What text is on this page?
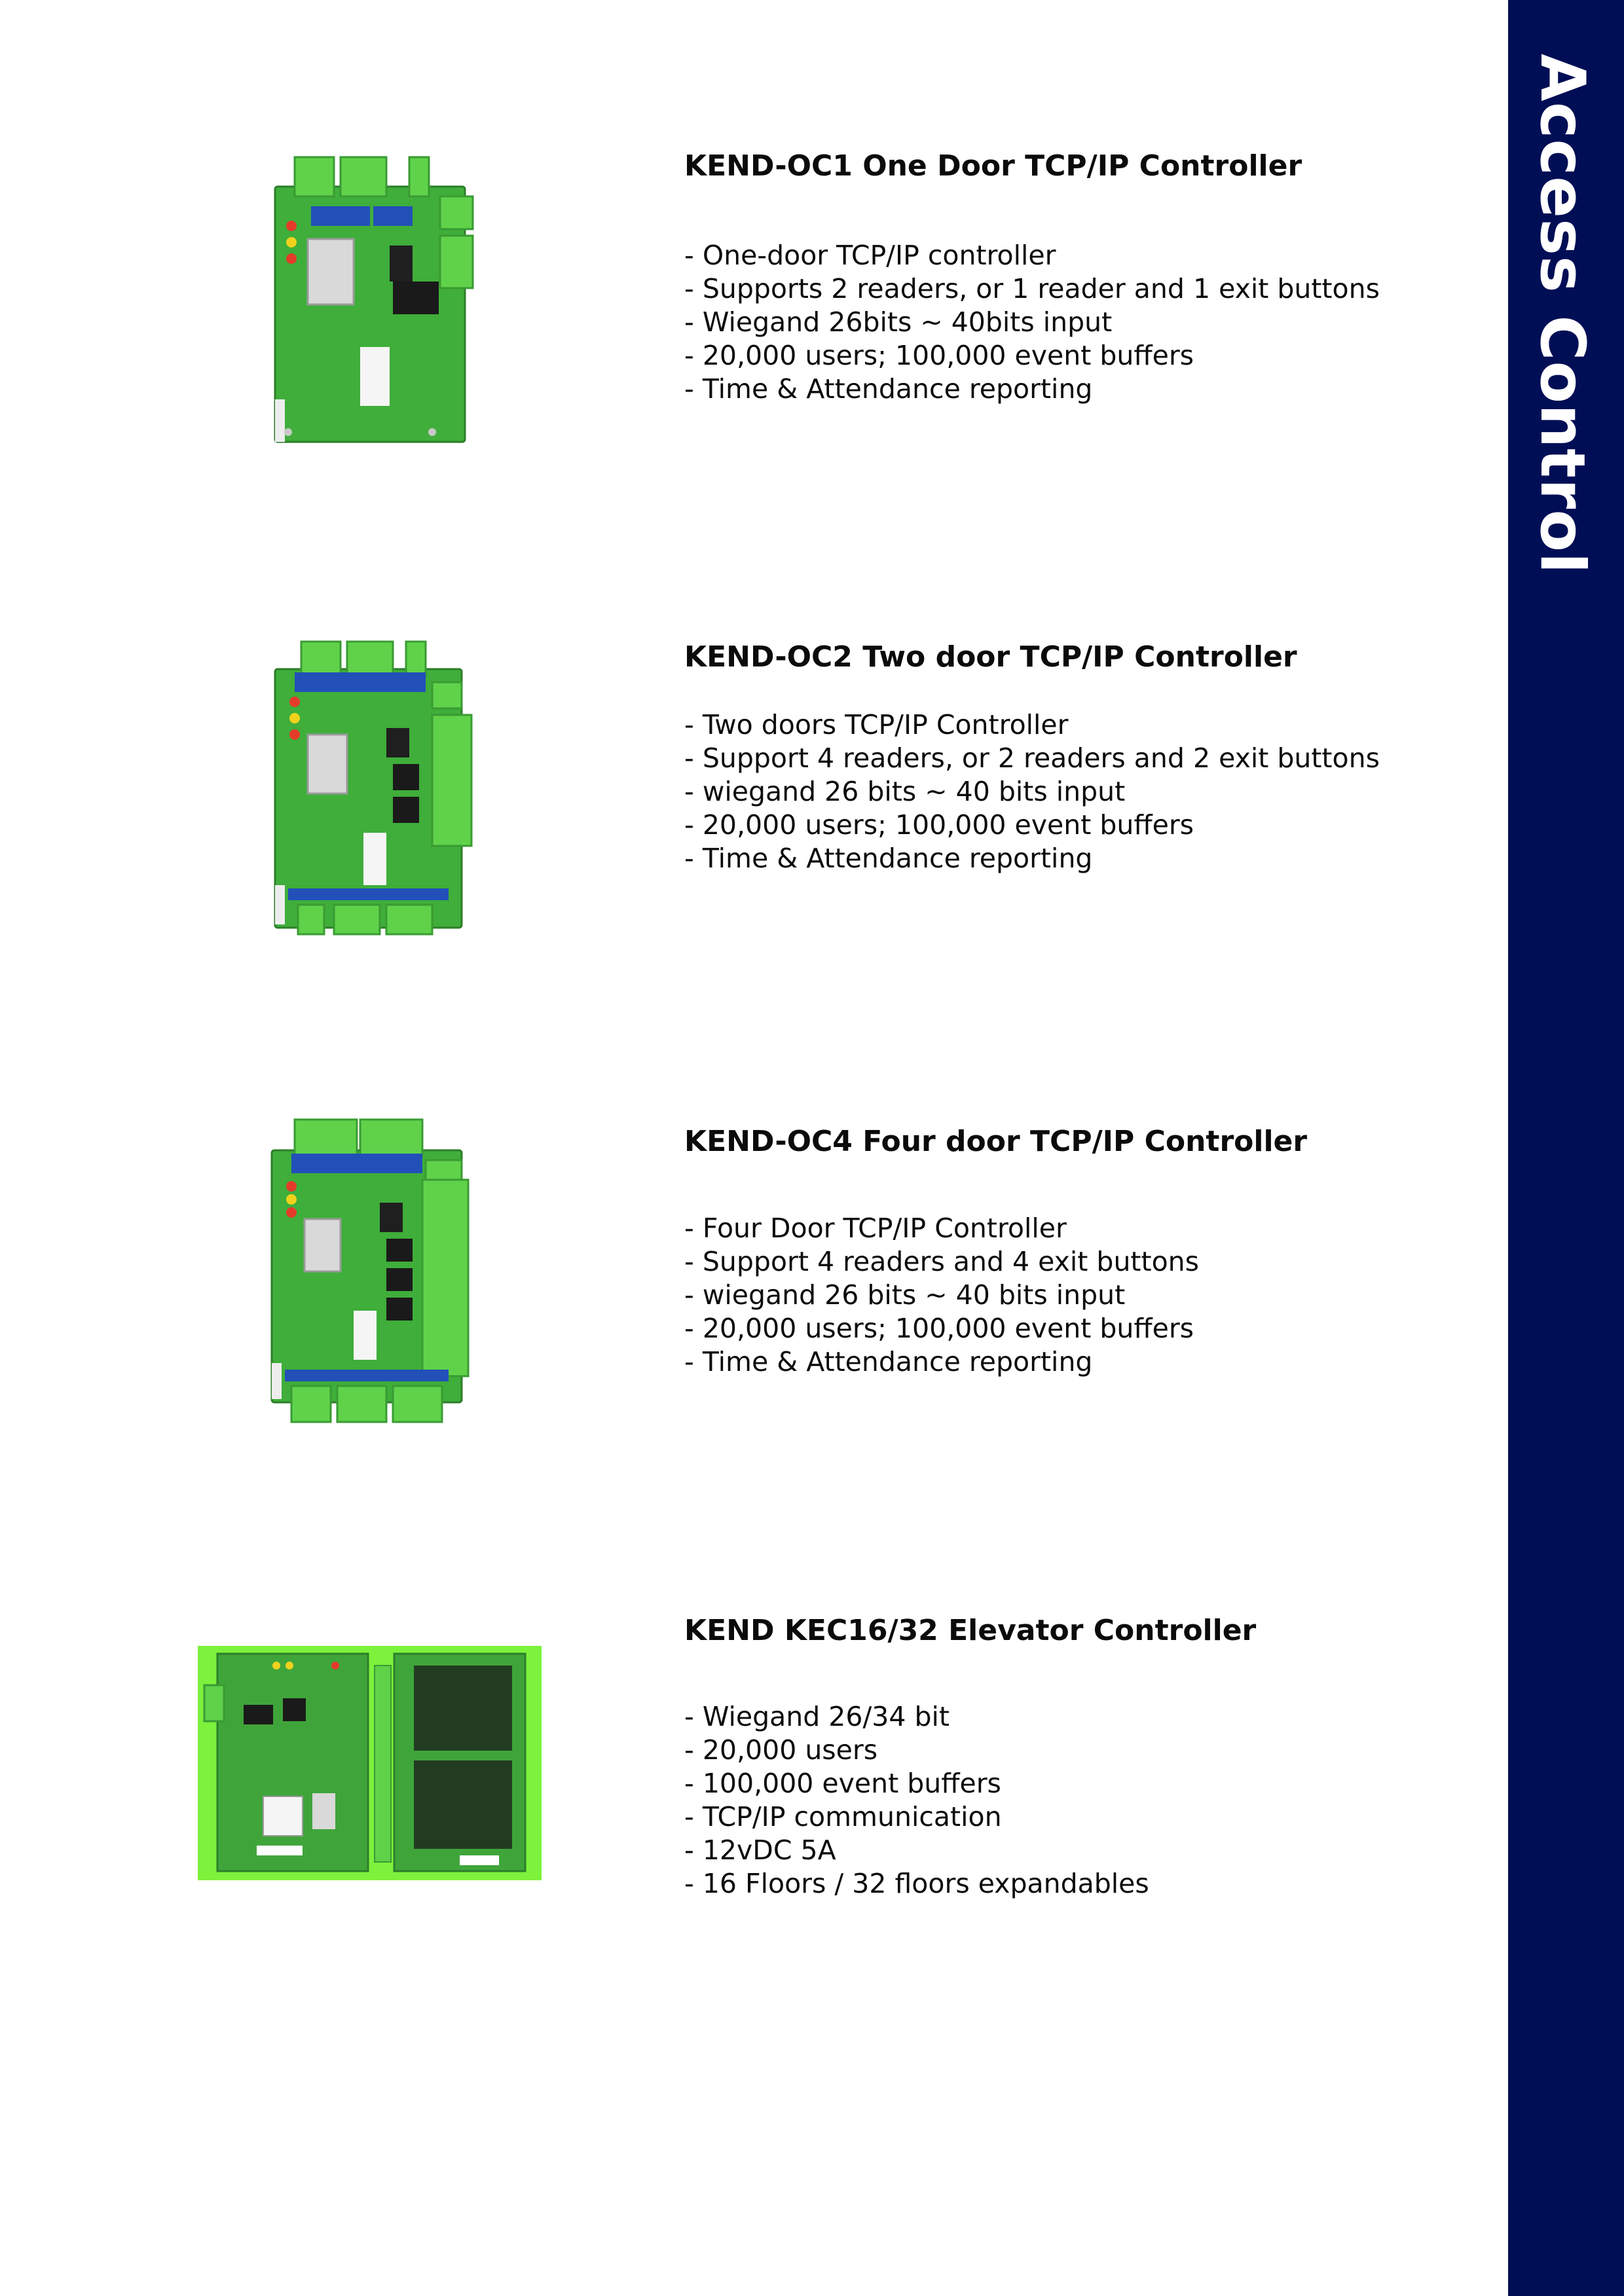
Access Control
KEND-OC1 One Door TCP/IP Controller
- One-door TCP/IP controller
- Supports 2 readers, or 1 reader and 1 exit buttons
- Wiegand 26bits ~ 40bits input
- 20,000 users; 100,000 event buffers
- Time & Attendance reporting
KEND-OC2 Two door TCP/IP Controller
- Two doors TCP/IP Controller
- Support 4 readers, or 2 readers and 2 exit buttons
- wiegand 26 bits ~ 40 bits input
- 20,000 users; 100,000 event buffers
- Time & Attendance reporting
KEND-OC4 Four door TCP/IP Controller
- Four Door TCP/IP Controller
- Support 4 readers and 4 exit buttons
- wiegand 26 bits ~ 40 bits input
- 20,000 users; 100,000 event buffers
- Time & Attendance reporting
KEND KEC16/32 Elevator Controller
- Wiegand 26/34 bit
- 20,000 users
- 100,000 event buffers
- TCP/IP communication
- 12vDC 5A
- 16 Floors / 32 floors expandables
